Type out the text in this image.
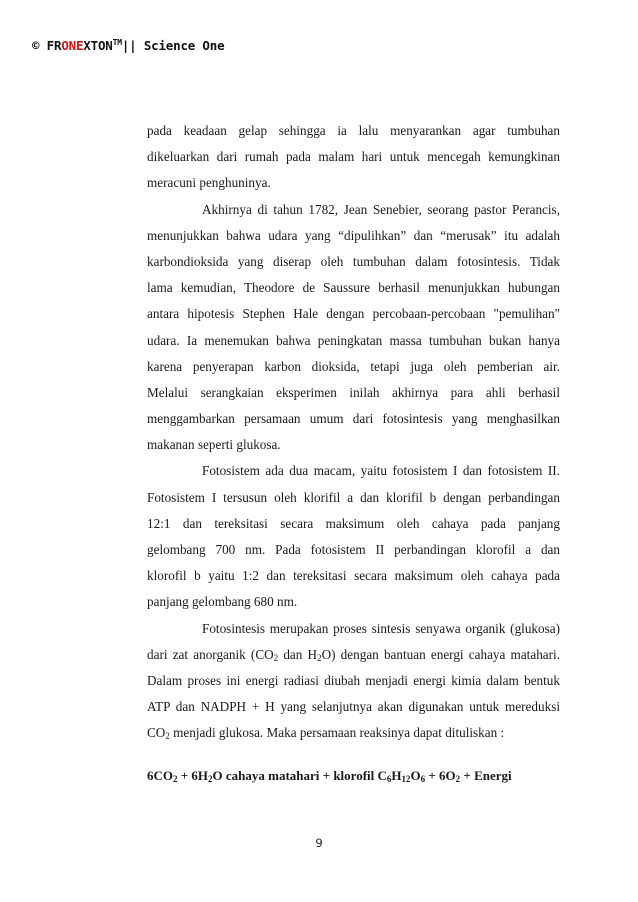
© FRONEXTON™|| Science One
pada keadaan gelap sehingga ia lalu menyarankan agar tumbuhan
dikeluarkan dari rumah pada malam hari untuk mencegah kemungkinan
meracuni penghuninya.
Akhirnya di tahun 1782, Jean Senebier, seorang pastor Perancis,
menunjukkan bahwa udara yang “dipulihkan” dan “merusak” itu adalah
karbondioksida yang diserap oleh tumbuhan dalam fotosintesis. Tidak
lama kemudian, Theodore de Saussure berhasil menunjukkan hubungan
antara hipotesis Stephen Hale dengan percobaan-percobaan "pemulihan"
udara. Ia menemukan bahwa peningkatan massa tumbuhan bukan hanya
karena penyerapan karbon dioksida, tetapi juga oleh pemberian air.
Melalui serangkaian eksperimen inilah akhirnya para ahli berhasil
menggambarkan persamaan umum dari fotosintesis yang menghasilkan
makanan seperti glukosa.
Fotosistem ada dua macam, yaitu fotosistem I dan fotosistem II.
Fotosistem I tersusun oleh klorifil a dan klorifil b dengan perbandingan
12:1 dan tereksitasi secara maksimum oleh cahaya pada panjang
gelombang 700 nm. Pada fotosistem II perbandingan klorofil a dan
klorofil b yaitu 1:2 dan tereksitasi secara maksimum oleh cahaya pada
panjang gelombang 680 nm.
Fotosintesis merupakan proses sintesis senyawa organik (glukosa)
dari zat anorganik ($CO_2$ dan $H_2O$) dengan bantuan energi cahaya matahari.
Dalam proses ini energi radiasi diubah menjadi energi kimia dalam bentuk
ATP dan NADPH + H yang selanjutnya akan digunakan untuk mereduksi
$CO_2$ menjadi glukosa. Maka persamaan reaksinya dapat dituliskan :
$6CO_2 + 6H_2O$ cahaya matahari + klorofil $C_6H_{12}O_6 + 6O_2$ + Energi
9
